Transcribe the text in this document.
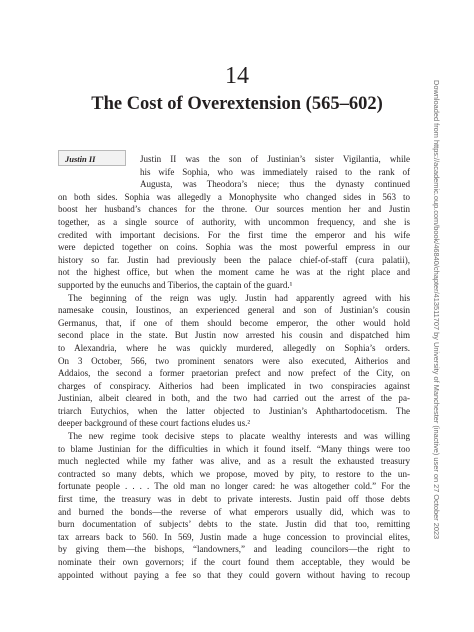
14
The Cost of Overextension (565–602)
Justin II	Justin II was the son of Justinian’s sister Vigilantia, while
his wife Sophia, who was immediately raised to the rank of
Augusta, was Theodora’s niece; thus the dynasty continued
on both sides. Sophia was allegedly a Monophysite who changed sides in 563 to
boost her husband’s chances for the throne. Our sources mention her and Justin
together, as a single source of authority, with uncommon frequency, and she is
credited with important decisions. For the first time the emperor and his wife
were depicted together on coins. Sophia was the most powerful empress in our
history so far. Justin had previously been the palace chief-of-staff (cura palatii),
not the highest office, but when the moment came he was at the right place and
supported by the eunuchs and Tiberios, the captain of the guard.¹
The beginning of the reign was ugly. Justin had apparently agreed with his
namesake cousin, Ioustinos, an experienced general and son of Justinian’s cousin
Germanus, that, if one of them should become emperor, the other would hold
second place in the state. But Justin now arrested his cousin and dispatched him
to Alexandria, where he was quickly murdered, allegedly on Sophia’s orders.
On 3 October, 566, two prominent senators were also executed, Aitherios and
Addaios, the second a former praetorian prefect and now prefect of the City, on
charges of conspiracy. Aitherios had been implicated in two conspiracies against
Justinian, albeit cleared in both, and the two had carried out the arrest of the pa-
triarch Eutychios, when the latter objected to Justinian’s Aphthartodocetism. The
deeper background of these court factions eludes us.²
The new regime took decisive steps to placate wealthy interests and was willing
to blame Justinian for the difficulties in which it found itself. “Many things were too
much neglected while my father was alive, and as a result the exhausted treasury
contracted so many debts, which we propose, moved by pity, to restore to the un-
fortunate people . . . . The old man no longer cared: he was altogether cold.” For the
first time, the treasury was in debt to private interests. Justin paid off those debts
and burned the bonds—the reverse of what emperors usually did, which was to
burn documentation of subjects’ debts to the state. Justin did that too, remitting
tax arrears back to 560. In 569, Justin made a huge concession to provincial elites,
by giving them—the bishops, “landowners,” and leading councilors—the right to
nominate their own governors; if the court found them acceptable, they would be
appointed without paying a fee so that they could govern without having to recoup
Downloaded from https://academic.oup.com/book/46840/chapter/413511707 by University of Manchester (inactive) user on 27 October 2023
